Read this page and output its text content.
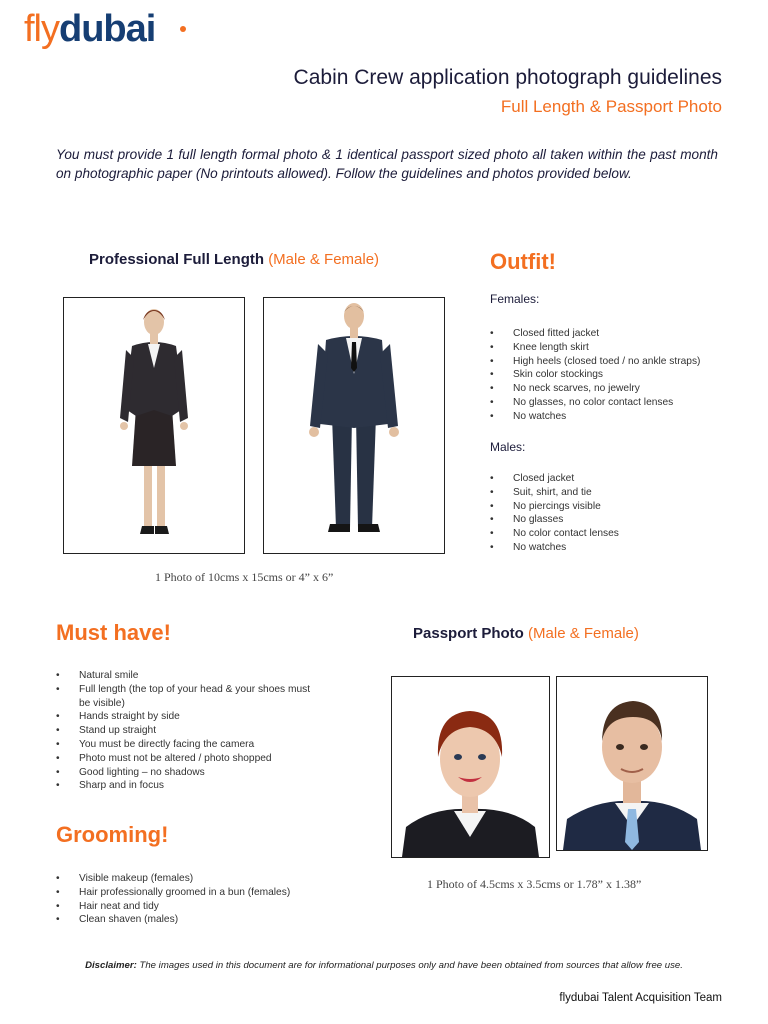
flydubai
Cabin Crew application photograph guidelines
Full Length & Passport Photo
You must provide 1 full length formal photo & 1 identical passport sized photo all taken within the past month on photographic paper (No printouts allowed). Follow the guidelines and photos provided below.
Professional Full Length (Male & Female)
1 Photo of 10cms x 15cms or 4” x 6”
Outfit!
Females:
• Closed fitted jacket
• Knee length skirt
• High heels (closed toed / no ankle straps)
• Skin color stockings
• No neck scarves, no jewelry
• No glasses, no color contact lenses
• No watches
Males:
• Closed jacket
• Suit, shirt, and tie
• No piercings visible
• No glasses
• No color contact lenses
• No watches
Must have!
• Natural smile
• Full length (the top of your head & your shoes must be visible)
• Hands straight by side
• Stand up straight
• You must be directly facing the camera
• Photo must not be altered / photo shopped
• Good lighting – no shadows
• Sharp and in focus
Grooming!
• Visible makeup (females)
• Hair professionally groomed in a bun (females)
• Hair neat and tidy
• Clean shaven (males)
Passport Photo (Male & Female)
1 Photo of 4.5cms x 3.5cms or 1.78” x 1.38”
Disclaimer: The images used in this document are for informational purposes only and have been obtained from sources that allow free use.
flydubai Talent Acquisition Team
